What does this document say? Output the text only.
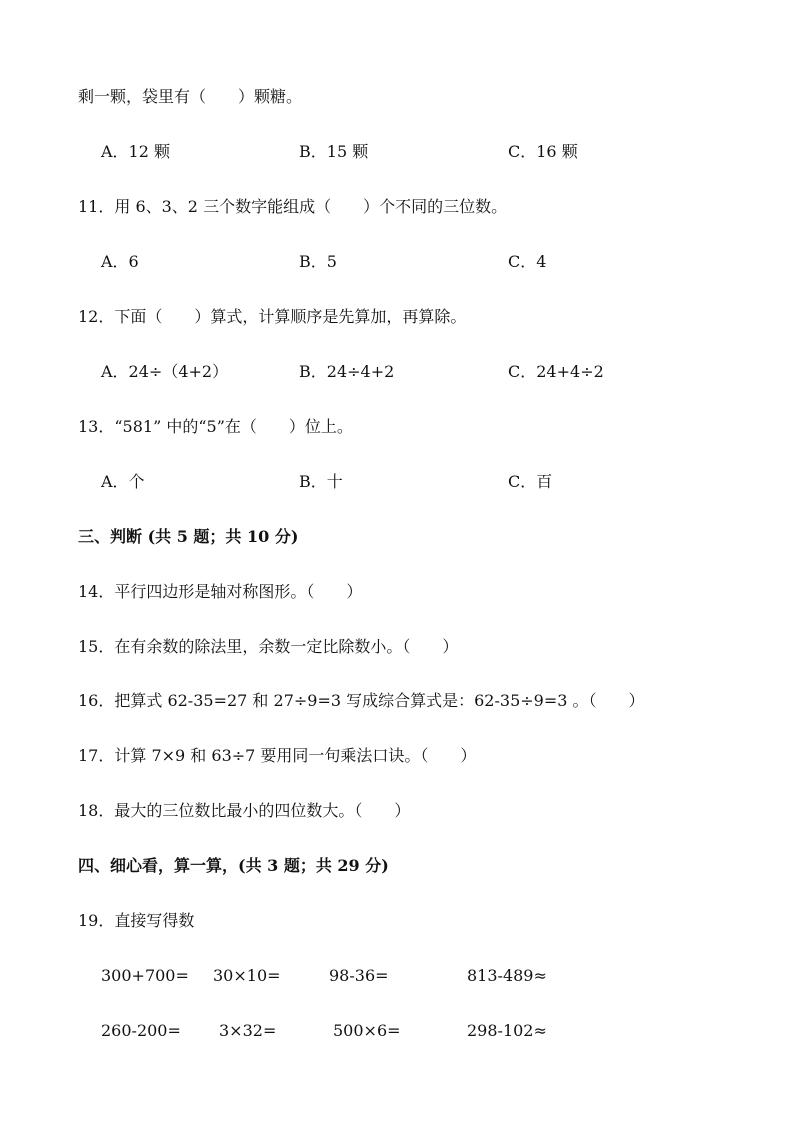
剩一颗，袋里有（　　）颗糖。
A．12 颗	B．15 颗	C．16 颗
11．用 6、3、2 三个数字能组成（　　）个不同的三位数。
A．6	B．5	C．4
12．下面（　　）算式，计算顺序是先算加，再算除。
A．24÷（4+2）	B．24÷4+2	C．24+4÷2
13．“581” 中的“5”在（　　）位上。
A．个	B．十	C．百
三、判断 (共 5 题；共 10 分)
14．平行四边形是轴对称图形。（　　）
15．在有余数的除法里，余数一定比除数小。（　　）
16．把算式 62-35=27 和 27÷9=3 写成综合算式是：62-35÷9=3 。（　　）
17．计算 7×9 和 63÷7 要用同一句乘法口诀。（　　）
18．最大的三位数比最小的四位数大。（　　）
四、细心看，算一算，(共 3 题；共 29 分)
19．直接写得数
300+700= 30×10=	98-36=	813-489≈
260-200= 3×32=	500×6=	298-102≈
